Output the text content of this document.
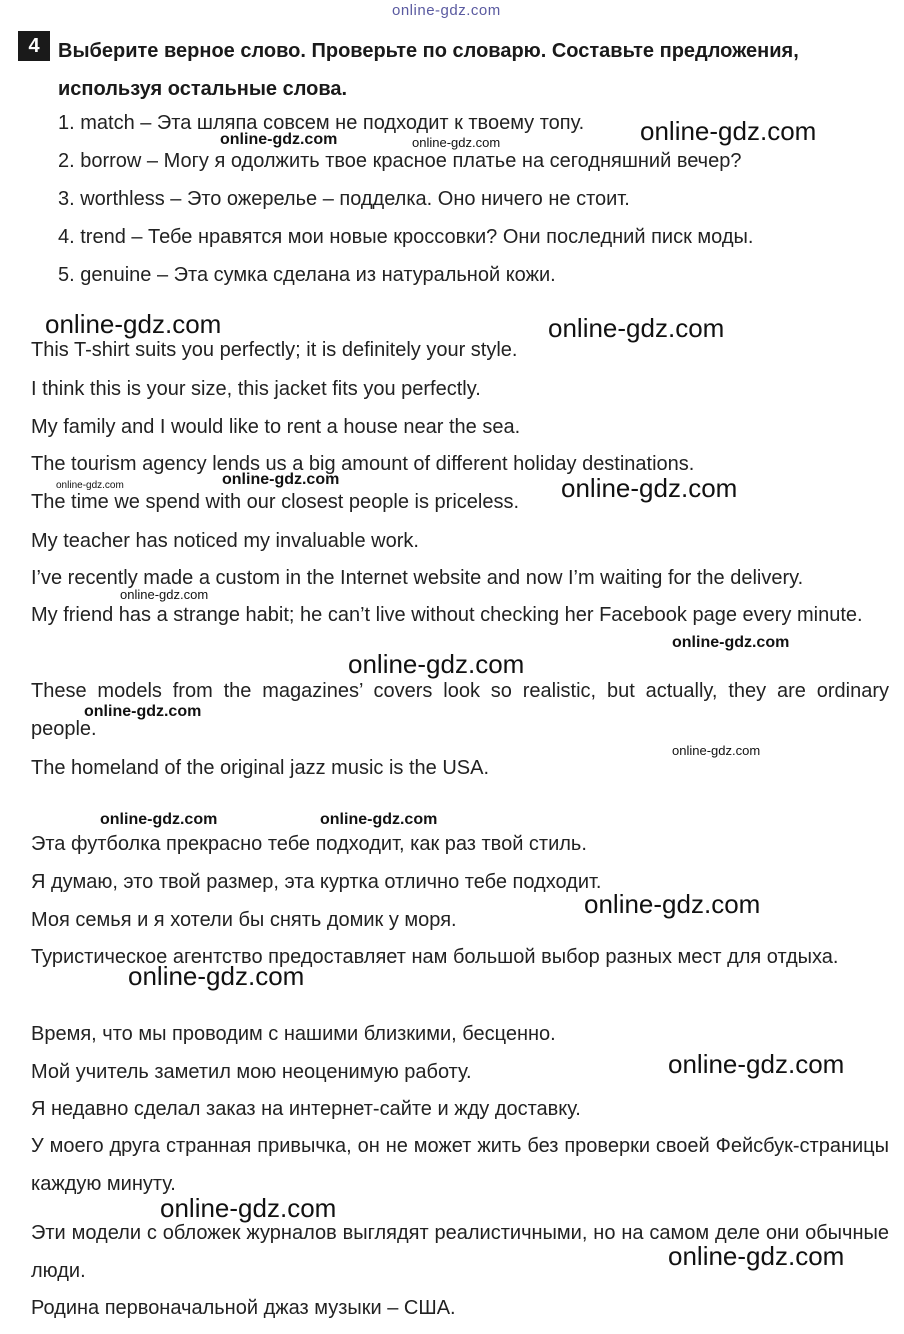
online-gdz.com
online-gdz.com	online-gdz.com	online-gdz.com
online-gdz.com	online-gdz.com
online-gdz.com
online-gdz.com	online-gdz.com
online-gdz.com
online-gdz.com
online-gdz.com
online-gdz.com
online-gdz.com
online-gdz.com	online-gdz.com
online-gdz.com
online-gdz.com
online-gdz.com
online-gdz.com
online-gdz.com
4 Выберите верное слово. Проверьте по словарю. Составьте предложения, используя остальные слова.
1. match – Эта шляпа совсем не подходит к твоему топу.
2. borrow – Могу я одолжить твое красное платье на сегодняшний вечер?
3. worthless – Это ожерелье – подделка. Оно ничего не стоит.
4. trend – Тебе нравятся мои новые кроссовки? Они последний писк моды.
5. genuine – Эта сумка сделана из натуральной кожи.
This T-shirt suits you perfectly; it is definitely your style.
I think this is your size, this jacket fits you perfectly.
My family and I would like to rent a house near the sea.
The tourism agency lends us a big amount of different holiday destinations.
The time we spend with our closest people is priceless.
My teacher has noticed my invaluable work.
I’ve recently made a custom in the Internet website and now I’m waiting for the delivery.
My friend has a strange habit; he can’t live without checking her Facebook page every minute.
These models from the magazines’ covers look so realistic, but actually, they are ordinary people.
The homeland of the original jazz music is the USA.
Эта футболка прекрасно тебе подходит, как раз твой стиль.
Я думаю, это твой размер, эта куртка отлично тебе подходит.
Моя семья и я хотели бы снять домик у моря.
Туристическое агентство предоставляет нам большой выбор разных мест для отдыха.
Время, что мы проводим с нашими близкими, бесценно.
Мой учитель заметил мою неоценимую работу.
Я недавно сделал заказ на интернет-сайте и жду доставку.
У моего друга странная привычка, он не может жить без проверки своей Фейсбук-страницы каждую минуту.
Эти модели с обложек журналов выглядят реалистичными, но на самом деле они обычные люди.
Родина первоначальной джаз музыки – США.
